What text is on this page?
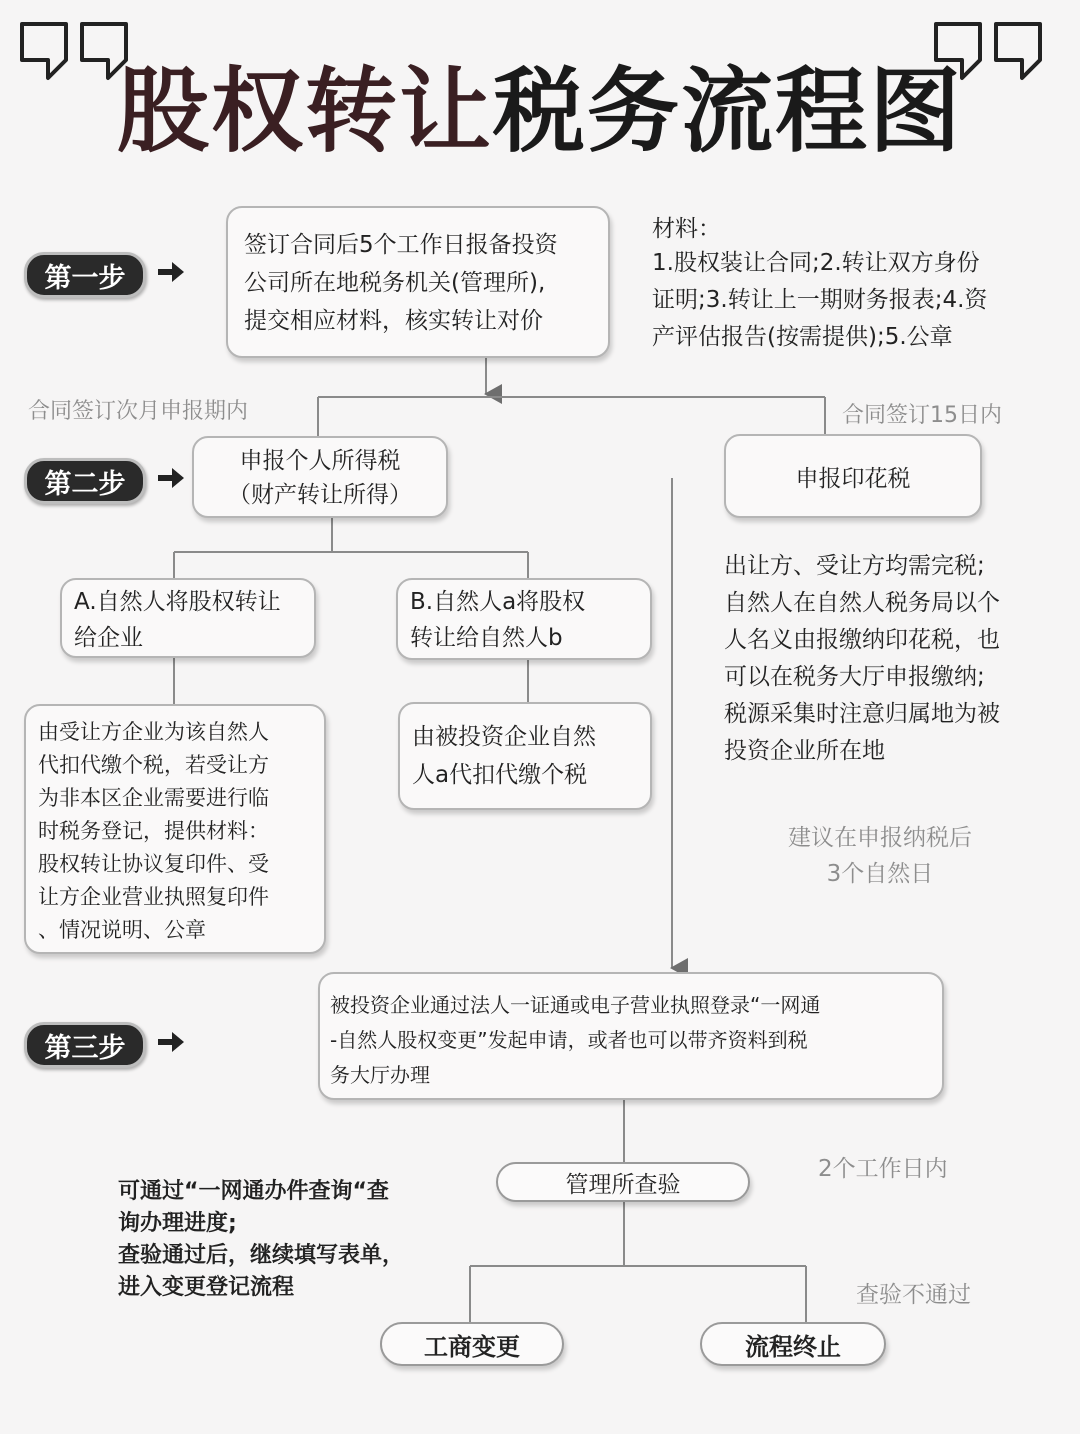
股权转让税务流程图
第一步
签订合同后5个工作日报备投资
公司所在地税务机关(管理所),
提交相应材料，核实转让对价
材料：
1.股权装让合同;2.转让双方身份
证明;3.转让上一期财务报表;4.资
产评估报告(按需提供);5.公章
合同签订次月申报期内	合同签订15日内
第二步
申报个人所得税
（财产转让所得）
申报印花税
A.自然人将股权转让
给企业
B.自然人a将股权
转让给自然人b
由受让方企业为该自然人
代扣代缴个税，若受让方
为非本区企业需要进行临
时税务登记，提供材料：
股权转让协议复印件、受
让方企业营业执照复印件
、情况说明、公章
由被投资企业自然
人a代扣代缴个税
出让方、受让方均需完税;
自然人在自然人税务局以个
人名义由报缴纳印花税，也
可以在税务大厅申报缴纳;
税源采集时注意归属地为被
投资企业所在地
建议在申报纳税后
3个自然日
第三步
被投资企业通过法人一证通或电子营业执照登录“一网通
-自然人股权变更”发起申请，或者也可以带齐资料到税
务大厅办理
管理所查验
2个工作日内
可通过“一网通办件查询“查
询办理进度;
查验通过后，继续填写表单，
进入变更登记流程	查验不通过
工商变更	流程终止
